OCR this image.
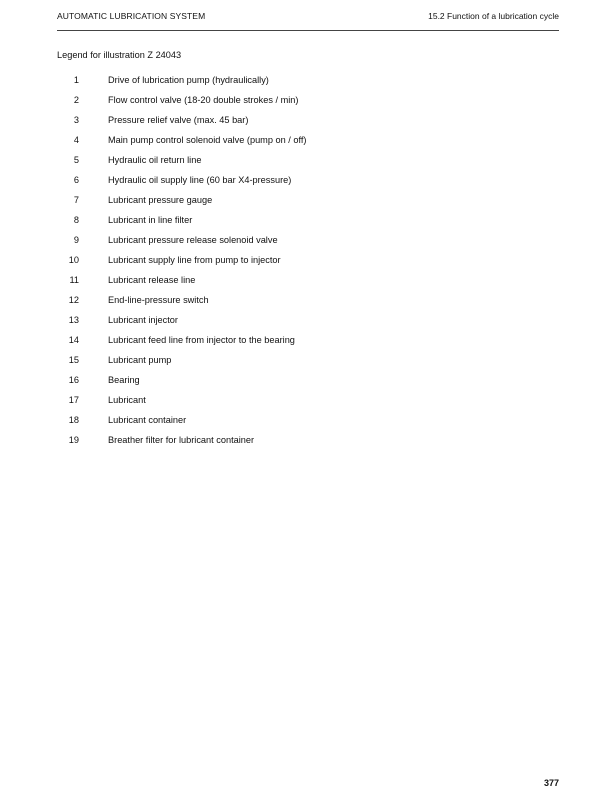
AUTOMATIC LUBRICATION SYSTEM	15.2 Function of a lubrication cycle
Legend for illustration Z 24043
1	Drive of lubrication pump (hydraulically)
2	Flow control valve (18-20 double strokes / min)
3	Pressure relief valve (max. 45 bar)
4	Main pump control solenoid valve (pump on / off)
5	Hydraulic oil return line
6	Hydraulic oil supply line (60 bar X4-pressure)
7	Lubricant pressure gauge
8	Lubricant in line filter
9	Lubricant pressure release solenoid valve
10	Lubricant supply line from pump to injector
11	Lubricant release line
12	End-line-pressure switch
13	Lubricant injector
14	Lubricant feed line from injector to the bearing
15	Lubricant pump
16	Bearing
17	Lubricant
18	Lubricant container
19	Breather filter for lubricant container
377
